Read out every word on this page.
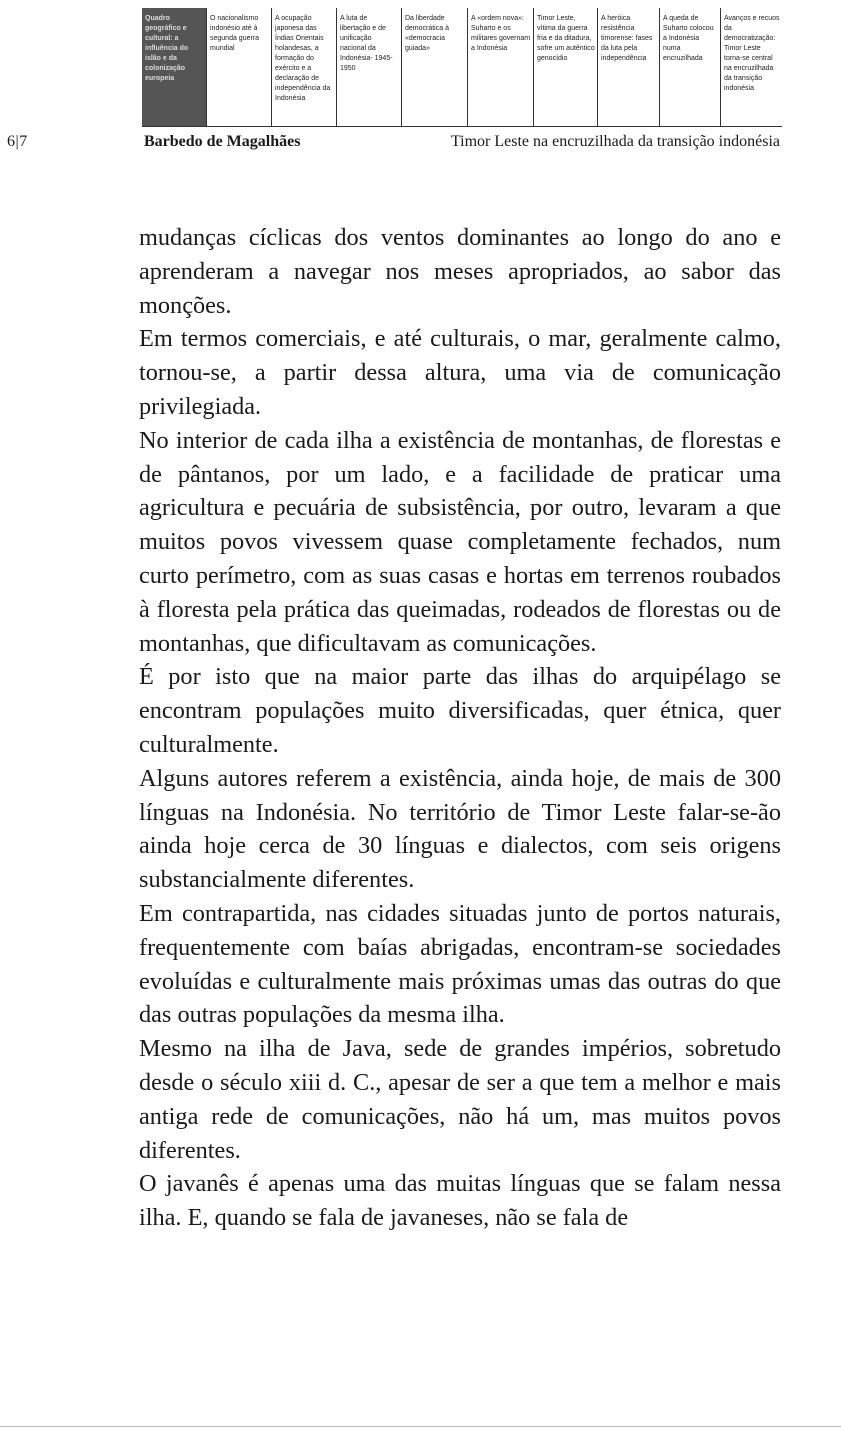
Quadro geográfico e cultural: a influência do islão e da colonização europeia
O nacionalismo indonésio até à segunda guerra mundial
A ocupação japonesa das Índias Orientais holandesas, a formação do exército e a declaração de independência da Indonésia
A luta de libertação e de unificação nacional da Indonésia- 1945-1950
Da liberdade democrática à «democracia guiada»
A «ordem nova»: Suharto e os militares governam a Indonésia
Timor Leste, vítima da guerra fria e da ditadura, sofre um autêntico genocídio
A heróica resistência timorense: fases da luta pela independência
A queda de Suharto colocou a Indonésia numa encruzilhada
Avanços e recuos da democratização: Timor Leste torna-se central na encruzilhada da transição indonésia
6|7	Barbedo de Magalhães	Timor Leste na encruzilhada da transição indonésia

mudanças cíclicas dos ventos dominantes ao longo do ano e aprenderam a navegar nos meses apropriados, ao sabor das monções.

Em termos comerciais, e até culturais, o mar, geralmente calmo, tornou-se, a partir dessa altura, uma via de comunicação privilegiada.

No interior de cada ilha a existência de montanhas, de florestas e de pântanos, por um lado, e a facilidade de praticar uma agricultura e pecuária de subsistência, por outro, levaram a que muitos povos vivessem quase completamente fechados, num curto perímetro, com as suas casas e hortas em terrenos roubados à floresta pela prática das queimadas, rodeados de florestas ou de montanhas, que dificultavam as comunicações.

É por isto que na maior parte das ilhas do arquipélago se encontram populações muito diversificadas, quer étnica, quer culturalmente.

Alguns autores referem a existência, ainda hoje, de mais de 300 línguas na Indonésia. No território de Timor Leste falar-se-ão ainda hoje cerca de 30 línguas e dialectos, com seis origens substancialmente diferentes.

Em contrapartida, nas cidades situadas junto de portos naturais, frequentemente com baías abrigadas, encontram-se sociedades evoluídas e culturalmente mais próximas umas das outras do que das outras populações da mesma ilha.

Mesmo na ilha de Java, sede de grandes impérios, sobretudo desde o século xiii d. C., apesar de ser a que tem a melhor e mais antiga rede de comunicações, não há um, mas muitos povos diferentes.

O javanês é apenas uma das muitas línguas que se falam nessa ilha. E, quando se fala de javaneses, não se fala de
